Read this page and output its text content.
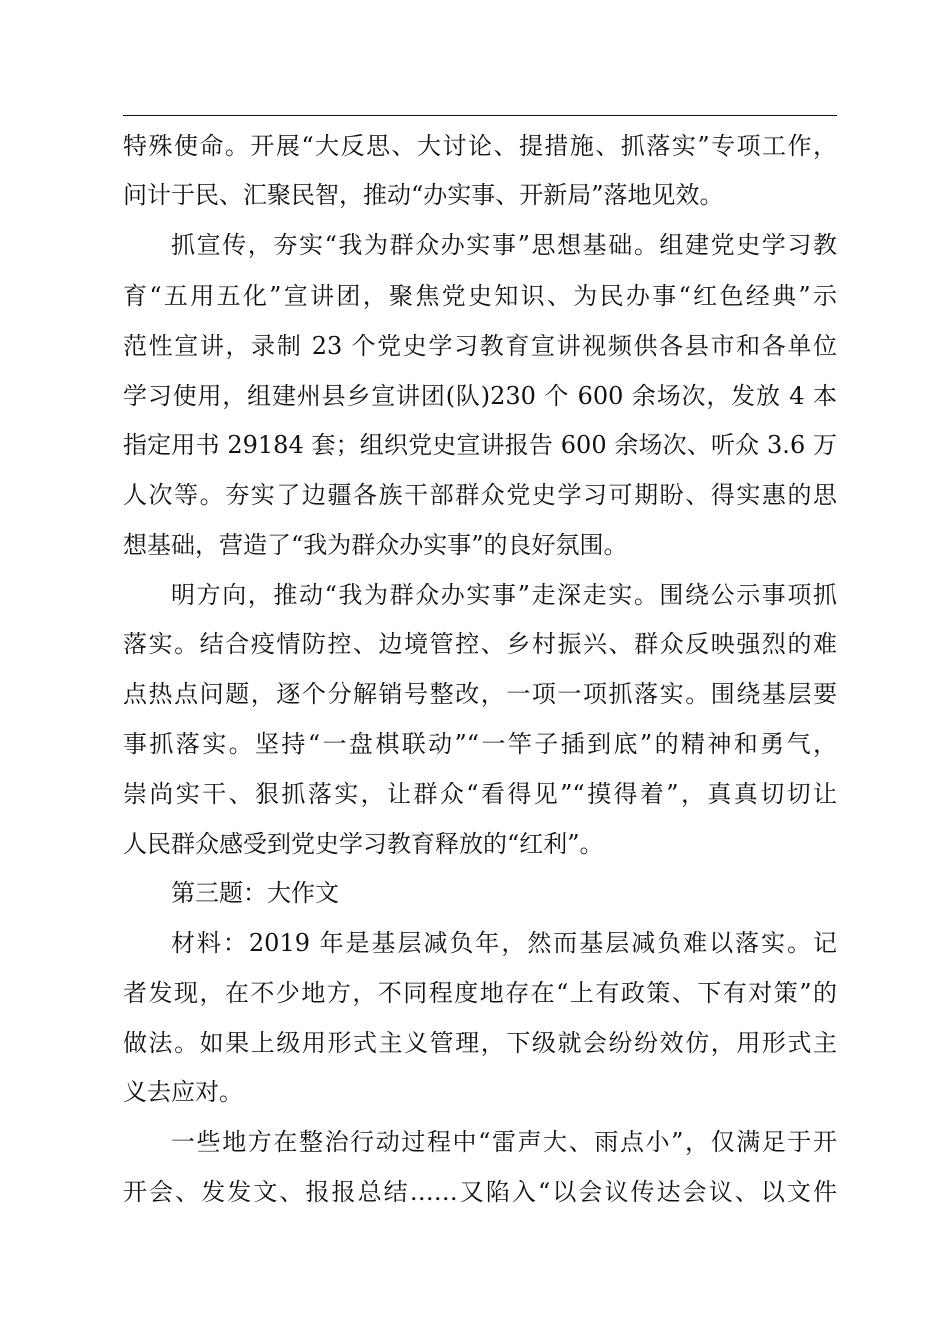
特殊使命。开展“大反思、大讨论、提措施、抓落实”专项工作，
问计于民、汇聚民智，推动“办实事、开新局”落地见效。
抓宣传，夯实“我为群众办实事”思想基础。组建党史学习教
育“五用五化”宣讲团，聚焦党史知识、为民办事“红色经典”示
范性宣讲，录制 23 个党史学习教育宣讲视频供各县市和各单位
学习使用，组建州县乡宣讲团(队)230 个 600 余场次，发放 4 本
指定用书 29184 套；组织党史宣讲报告 600 余场次、听众 3.6 万
人次等。夯实了边疆各族干部群众党史学习可期盼、得实惠的思
想基础，营造了“我为群众办实事”的良好氛围。
明方向，推动“我为群众办实事”走深走实。围绕公示事项抓
落实。结合疫情防控、边境管控、乡村振兴、群众反映强烈的难
点热点问题，逐个分解销号整改，一项一项抓落实。围绕基层要
事抓落实。坚持“一盘棋联动”“一竿子插到底”的精神和勇气，
崇尚实干、狠抓落实，让群众“看得见”“摸得着”，真真切切让
人民群众感受到党史学习教育释放的“红利”。
第三题：大作文
材料：2019 年是基层减负年，然而基层减负难以落实。记
者发现，在不少地方，不同程度地存在“上有政策、下有对策”的
做法。如果上级用形式主义管理，下级就会纷纷效仿，用形式主
义去应对。
一些地方在整治行动过程中“雷声大、雨点小”，仅满足于开
开会、发发文、报报总结……又陷入“以会议传达会议、以文件
